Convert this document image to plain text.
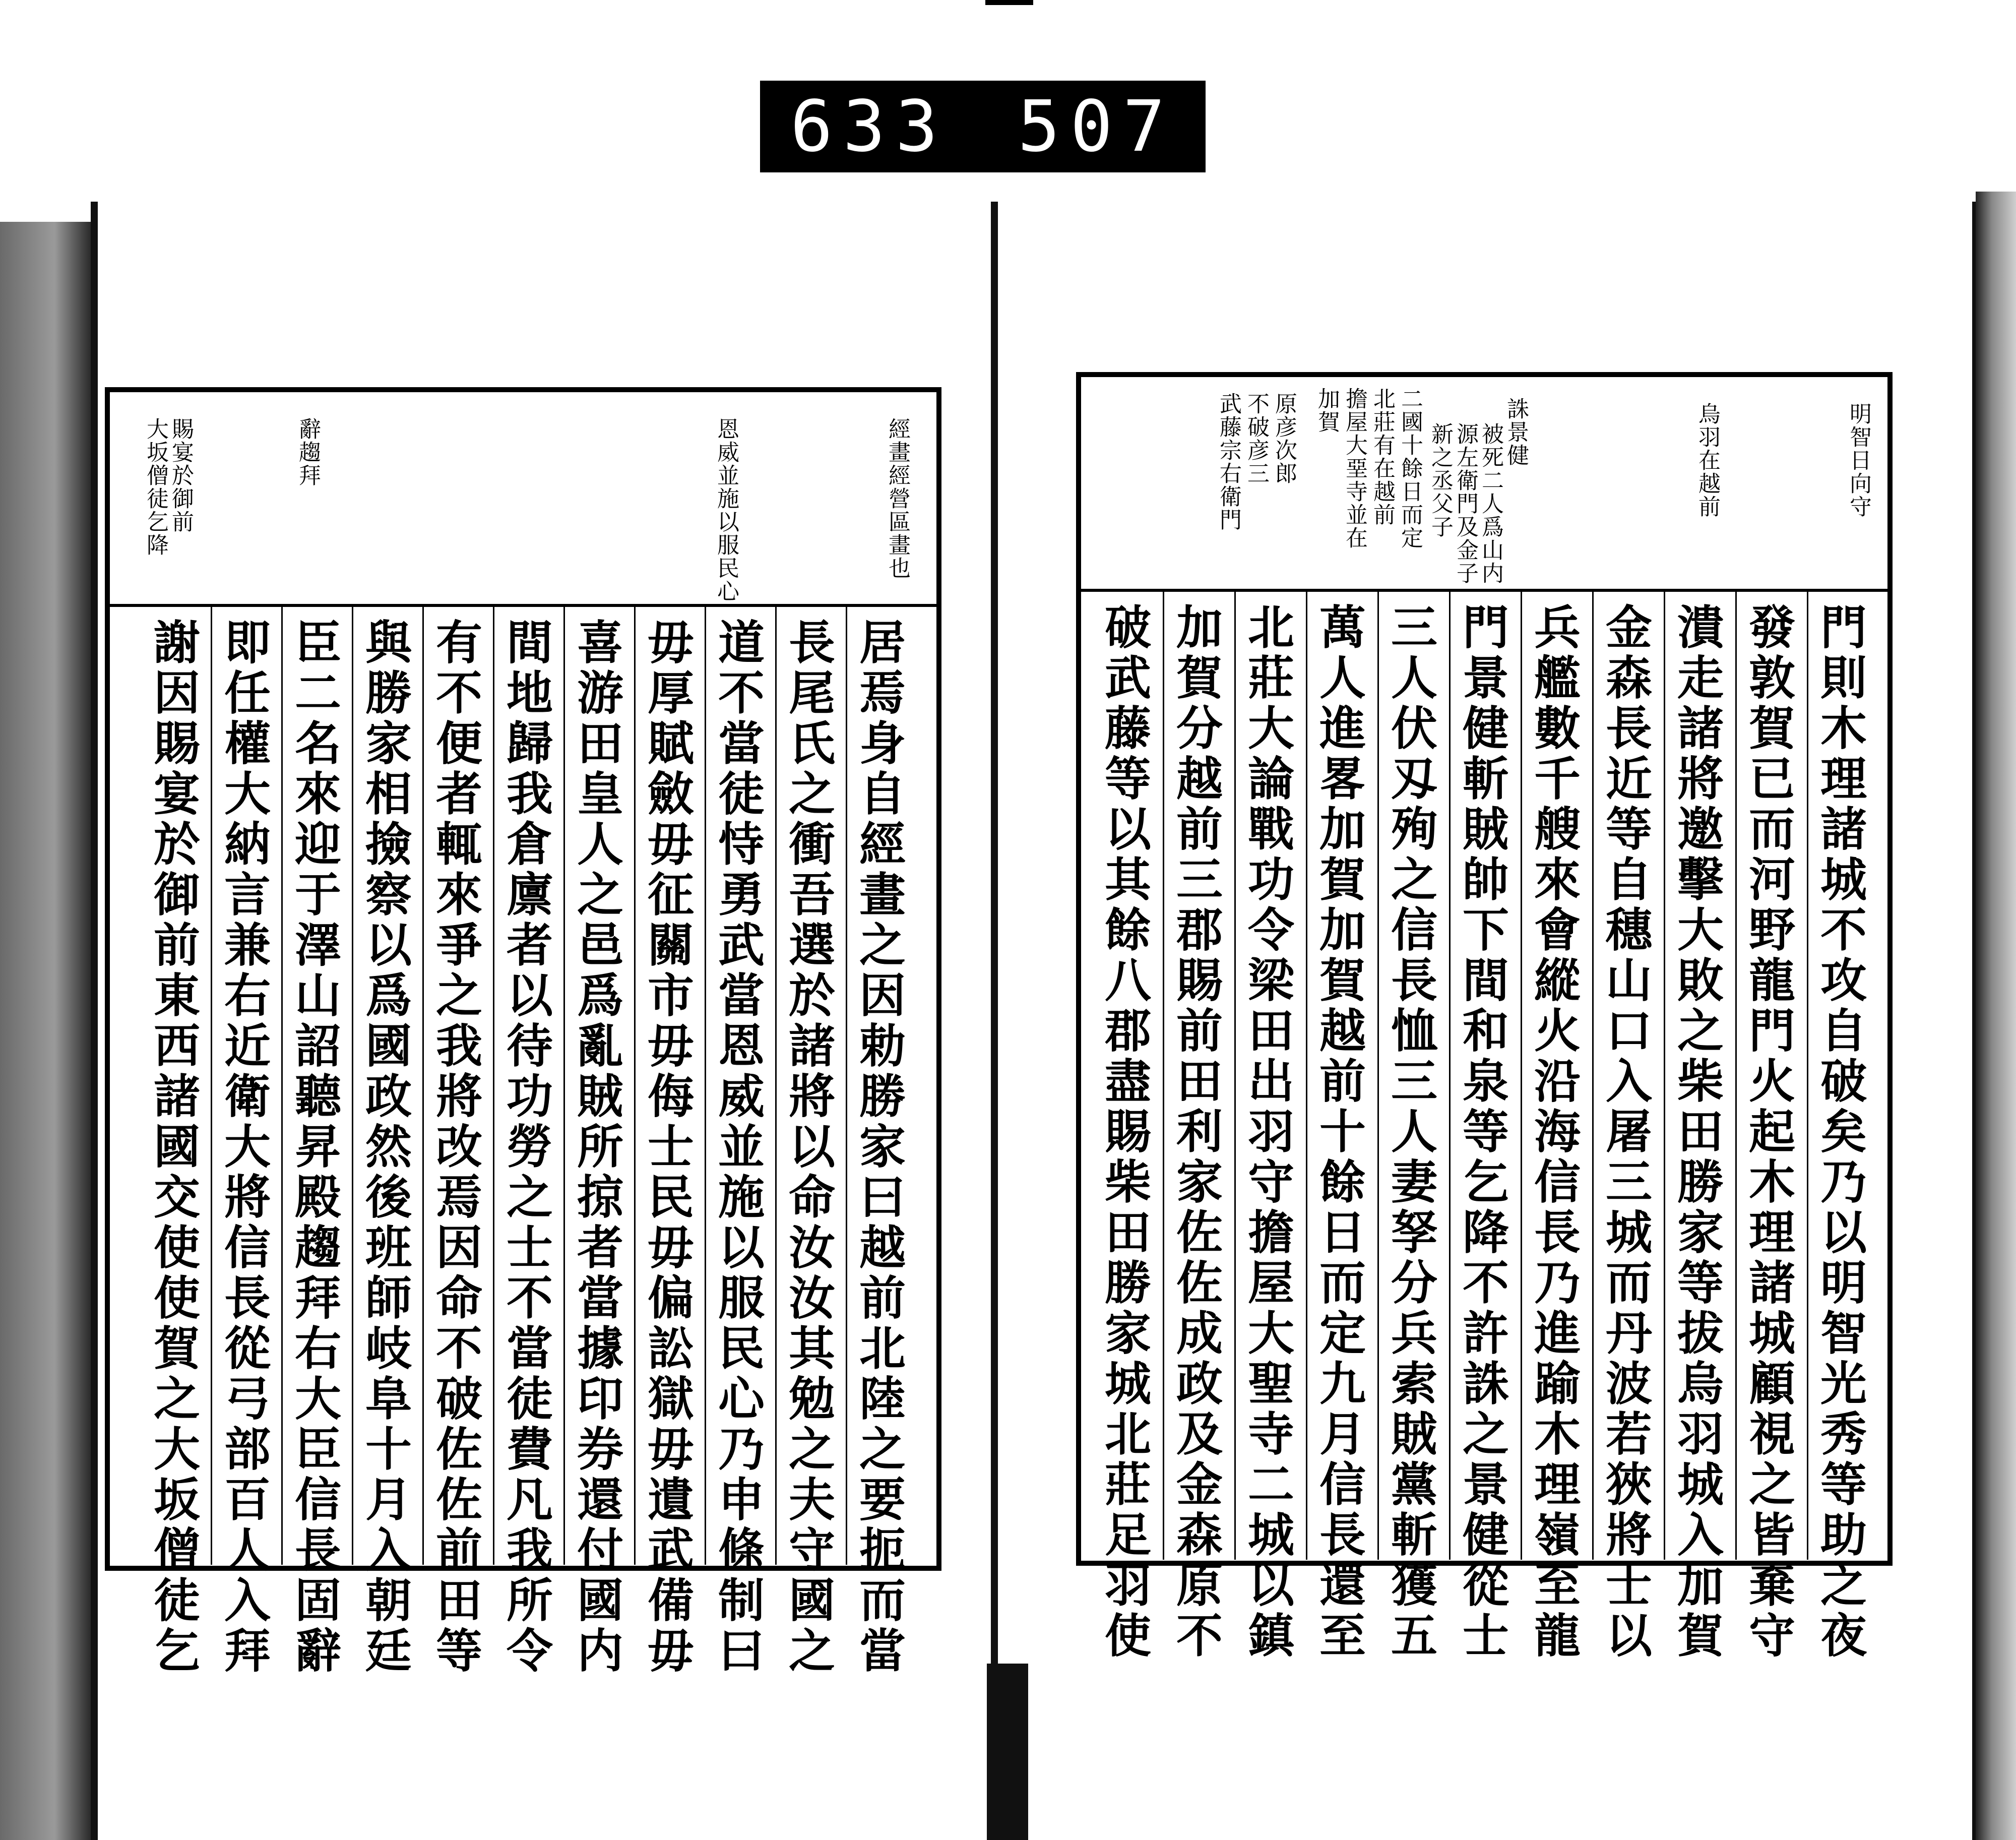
633 507
經畫經營區畫也
恩威並施以服民心
辭趨拜
賜宴於御前
大坂僧徒乞降
居焉身自經畫之因勅勝家曰越前北陸之要扼而當
長尾氏之衝吾選於諸將以命汝汝其勉之夫守國之
道不當徒恃勇武當恩威並施以服民心乃申條制曰
毋厚賦斂毋征關市毋侮士民毋偏訟獄毋遺武備毋
喜游田皇人之邑爲亂賊所掠者當據印券還付國内
間地歸我倉廪者以待功勞之士不當徒費凡我所令
有不便者輒來爭之我將改焉因命不破佐佐前田等
與勝家相撿察以爲國政然後班師岐阜十月入朝廷
臣二名來迎于澤山詔聽昇殿趨拜右大臣信長固辭
即任權大納言兼右近衛大將信長從弓部百人入拜
謝因賜宴於御前東西諸國交使使賀之大坂僧徒乞
明智日向守
烏羽在越前
誅景健
被死二人爲山内
源左衛門及金子
新之丞父子
二國十餘日而定
北莊有在越前
擔屋大堊寺並在
加賀
原彦次郎
不破彦三
武藤宗右衛門
門則木理諸城不攻自破矣乃以明智光秀等助之夜
發敦賀已而河野龍門火起木理諸城顧視之皆棄守
潰走諸將邀擊大敗之柴田勝家等拔烏羽城入加賀
金森長近等自穗山口入屠三城而丹波若狹將士以
兵艦數千艘來會縱火沿海信長乃進踰木理嶺至龍
門景健斬賊帥下間和泉等乞降不許誅之景健從士
三人伏刄殉之信長恤三人妻孥分兵索賊黨斬獲五
萬人進畧加賀加賀越前十餘日而定九月信長還至
北莊大論戰功令梁田出羽守擔屋大聖寺二城以鎮
加賀分越前三郡賜前田利家佐佐成政及金森原不
破武藤等以其餘八郡盡賜柴田勝家城北莊足羽使
